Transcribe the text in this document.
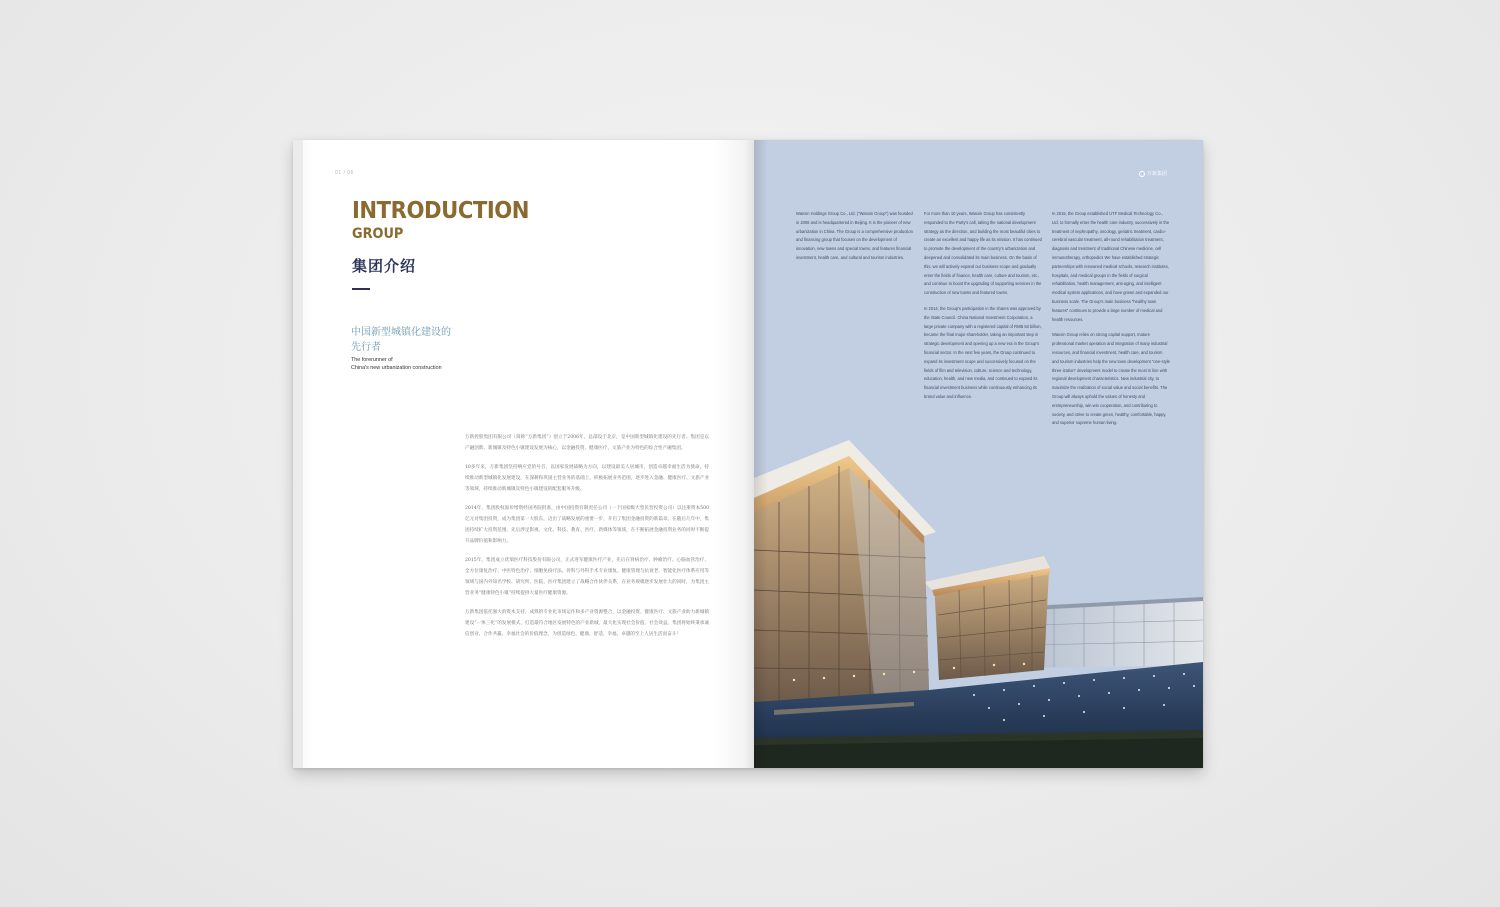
01 / 06
INTRODUCTION
GROUP
集团介绍
中国新型城镇化建设的
先行者
The forerunner of
China's new urbanization construction

万新控股集团有限公司（简称“万新集团”）创立于2006年，总部设于北京，是中国新型城镇化建设的先行者。集团是以产融创新、新城镇及特色小镇建设发展为核心，以金融投资、健康医疗、文旅产业为特色的综合性产融集团。

10多年来，万新集团坚持响应党的号召，以国家发展战略为方向，以建设最美人居城市，创造卓越幸福生活为使命，持续推动新型城镇化发展建设，在深耕和巩固主营业务的基础上，积极拓展业务范围，逐步进入金融、健康医疗、文旅产业等领域，持续推动新城镇及特色小镇建设的配套服务升级。

2014年，集团股权溢价增资经国务院批准，由中国投资有限责任公司（一个国家级大型民营投资公司）以注册资本500亿元对集团投资，成为集团第一大股东，迈出了战略发展的重要一步，开启了集团金融投资的新篇章。在随后几年中，集团持续扩大投资范围，先后涉足影视、文化、科技、教育、医疗、新媒体等领域，在不断拓展金融投资业务的同时不断提升品牌价值和影响力。

2015年，集团成立优瑞医疗科技股份有限公司，正式进军健康医疗产业，先后在肾病治疗、肿瘤治疗、心脑血管治疗、全方位康复治疗、中医特色治疗、细胞免疫疗法、骨科与外科手术专业康复、健康管理与抗衰老、智能化医疗体系应用等领域与国内外知名学校、研究所、医院、医疗集团建立了战略合作伙伴关系，在业务规模逐步发展壮大的同时，为集团主营业务“健康特色小镇”持续提供大量医疗健康资源。

万新集团依托强大的资本支持、成熟的专业化市场运作和多产业资源整合，以金融投资、健康医疗、文旅产业助力新城镇建设“一体三化”的发展模式，打造最符合地区发展特色的产业新城，最大化实现社会价值、社会效益。集团将始终秉承诚信创业、合作共赢、幸福社会的价值理念，为创造绿色、健康、舒适、幸福、卓越的至上人居生活而奋斗！

万新集团

Wanxin Holdings Group Co., Ltd. ("Wanxin Group") was founded in 2006 and is headquartered in Beijing. It is the pioneer of new urbanization in China. The Group is a comprehensive production and financing group that focuses on the development of innovation, new towns and special towns, and features financial investment, health care, and cultural and tourism industries.

For more than 10 years, Wanxin Group has consistently responded to the Party's call, taking the national development strategy as the direction, and building the most beautiful cities to create an excellent and happy life as its mission. It has continued to promote the development of the country's urbanization and deepened and consolidated its main business. On the basis of this, we will actively expand our business scope and gradually enter the fields of finance, health care, culture and tourism, etc., and continue to boost the upgrading of supporting services in the construction of new towns and featured towns.

In 2014, the Group's participation in the shares was approved by the State Council. China National Investment Corporation, a large private company with a registered capital of RMB 50 billion, became the final major shareholder, taking an important step in strategic development and opening up a new era in the Group's financial sector. In the next few years, the Group continued to expand its investment scope and successively focused on the fields of film and television, culture, science and technology, education, health, and new media, and continued to expand its financial investment business while continuously enhancing its brand value and influence.

In 2015, the Group established UTF Medical Technology Co., Ltd. to formally enter the health care industry, successively in the treatment of nephropathy, oncology, geriatric treatment, cardio-cerebral vascular treatment, all-round rehabilitation treatment, diagnosis and treatment of traditional Chinese medicine, cell immunotherapy, orthopedics We have established strategic partnerships with renowned medical schools, research institutes, hospitals, and medical groups in the fields of surgical rehabilitation, health management, anti-aging, and intelligent medical system applications, and have grown and expanded our business scale. The Group's main business "healthy town features" continues to provide a large number of medical and health resources.

Wanxin Group relies on strong capital support, mature professional market operation and integration of many industrial resources, and financial investment, health care, and tourism and tourism industries help the new town development "one-style three-ization" development model to create the most in line with regional development characteristics. New industrial city, to maximize the realization of social value and social benefits. The Group will always uphold the values of honesty and entrepreneurship, win-win cooperation, and contributing to society, and strive to create green, healthy, comfortable, happy, and superior supreme human living.
